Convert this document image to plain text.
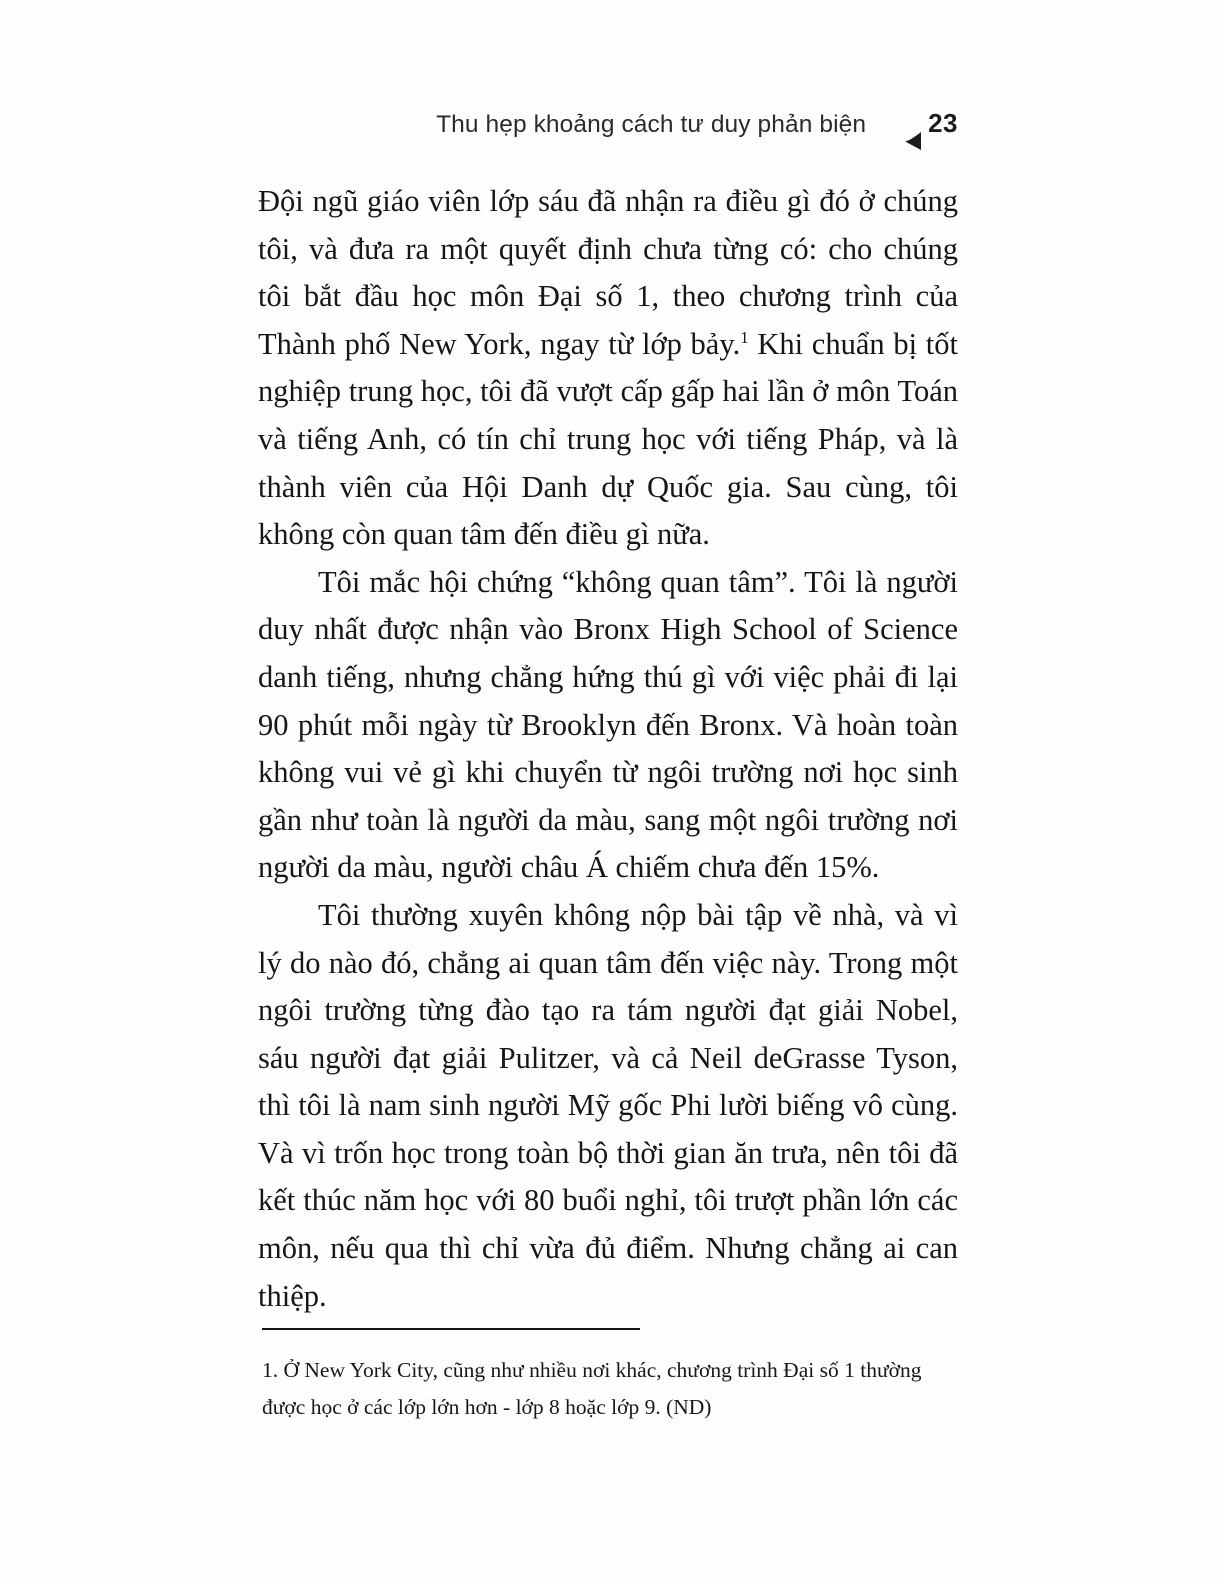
Thu hẹp khoảng cách tư duy phản biện 23

Đội ngũ giáo viên lớp sáu đã nhận ra điều gì đó ở chúng tôi, và đưa ra một quyết định chưa từng có: cho chúng tôi bắt đầu học môn Đại số 1, theo chương trình của Thành phố New York, ngay từ lớp bảy.$^1$ Khi chuẩn bị tốt nghiệp trung học, tôi đã vượt cấp gấp hai lần ở môn Toán và tiếng Anh, có tín chỉ trung học với tiếng Pháp, và là thành viên của Hội Danh dự Quốc gia. Sau cùng, tôi không còn quan tâm đến điều gì nữa.

Tôi mắc hội chứng “không quan tâm”. Tôi là người duy nhất được nhận vào Bronx High School of Science danh tiếng, nhưng chẳng hứng thú gì với việc phải đi lại 90 phút mỗi ngày từ Brooklyn đến Bronx. Và hoàn toàn không vui vẻ gì khi chuyển từ ngôi trường nơi học sinh gần như toàn là người da màu, sang một ngôi trường nơi người da màu, người châu Á chiếm chưa đến 15%.

Tôi thường xuyên không nộp bài tập về nhà, và vì lý do nào đó, chẳng ai quan tâm đến việc này. Trong một ngôi trường từng đào tạo ra tám người đạt giải Nobel, sáu người đạt giải Pulitzer, và cả Neil deGrasse Tyson, thì tôi là nam sinh người Mỹ gốc Phi lười biếng vô cùng. Và vì trốn học trong toàn bộ thời gian ăn trưa, nên tôi đã kết thúc năm học với 80 buổi nghỉ, tôi trượt phần lớn các môn, nếu qua thì chỉ vừa đủ điểm. Nhưng chẳng ai can thiệp.

1. Ở New York City, cũng như nhiều nơi khác, chương trình Đại số 1 thường được học ở các lớp lớn hơn - lớp 8 hoặc lớp 9. (ND)
